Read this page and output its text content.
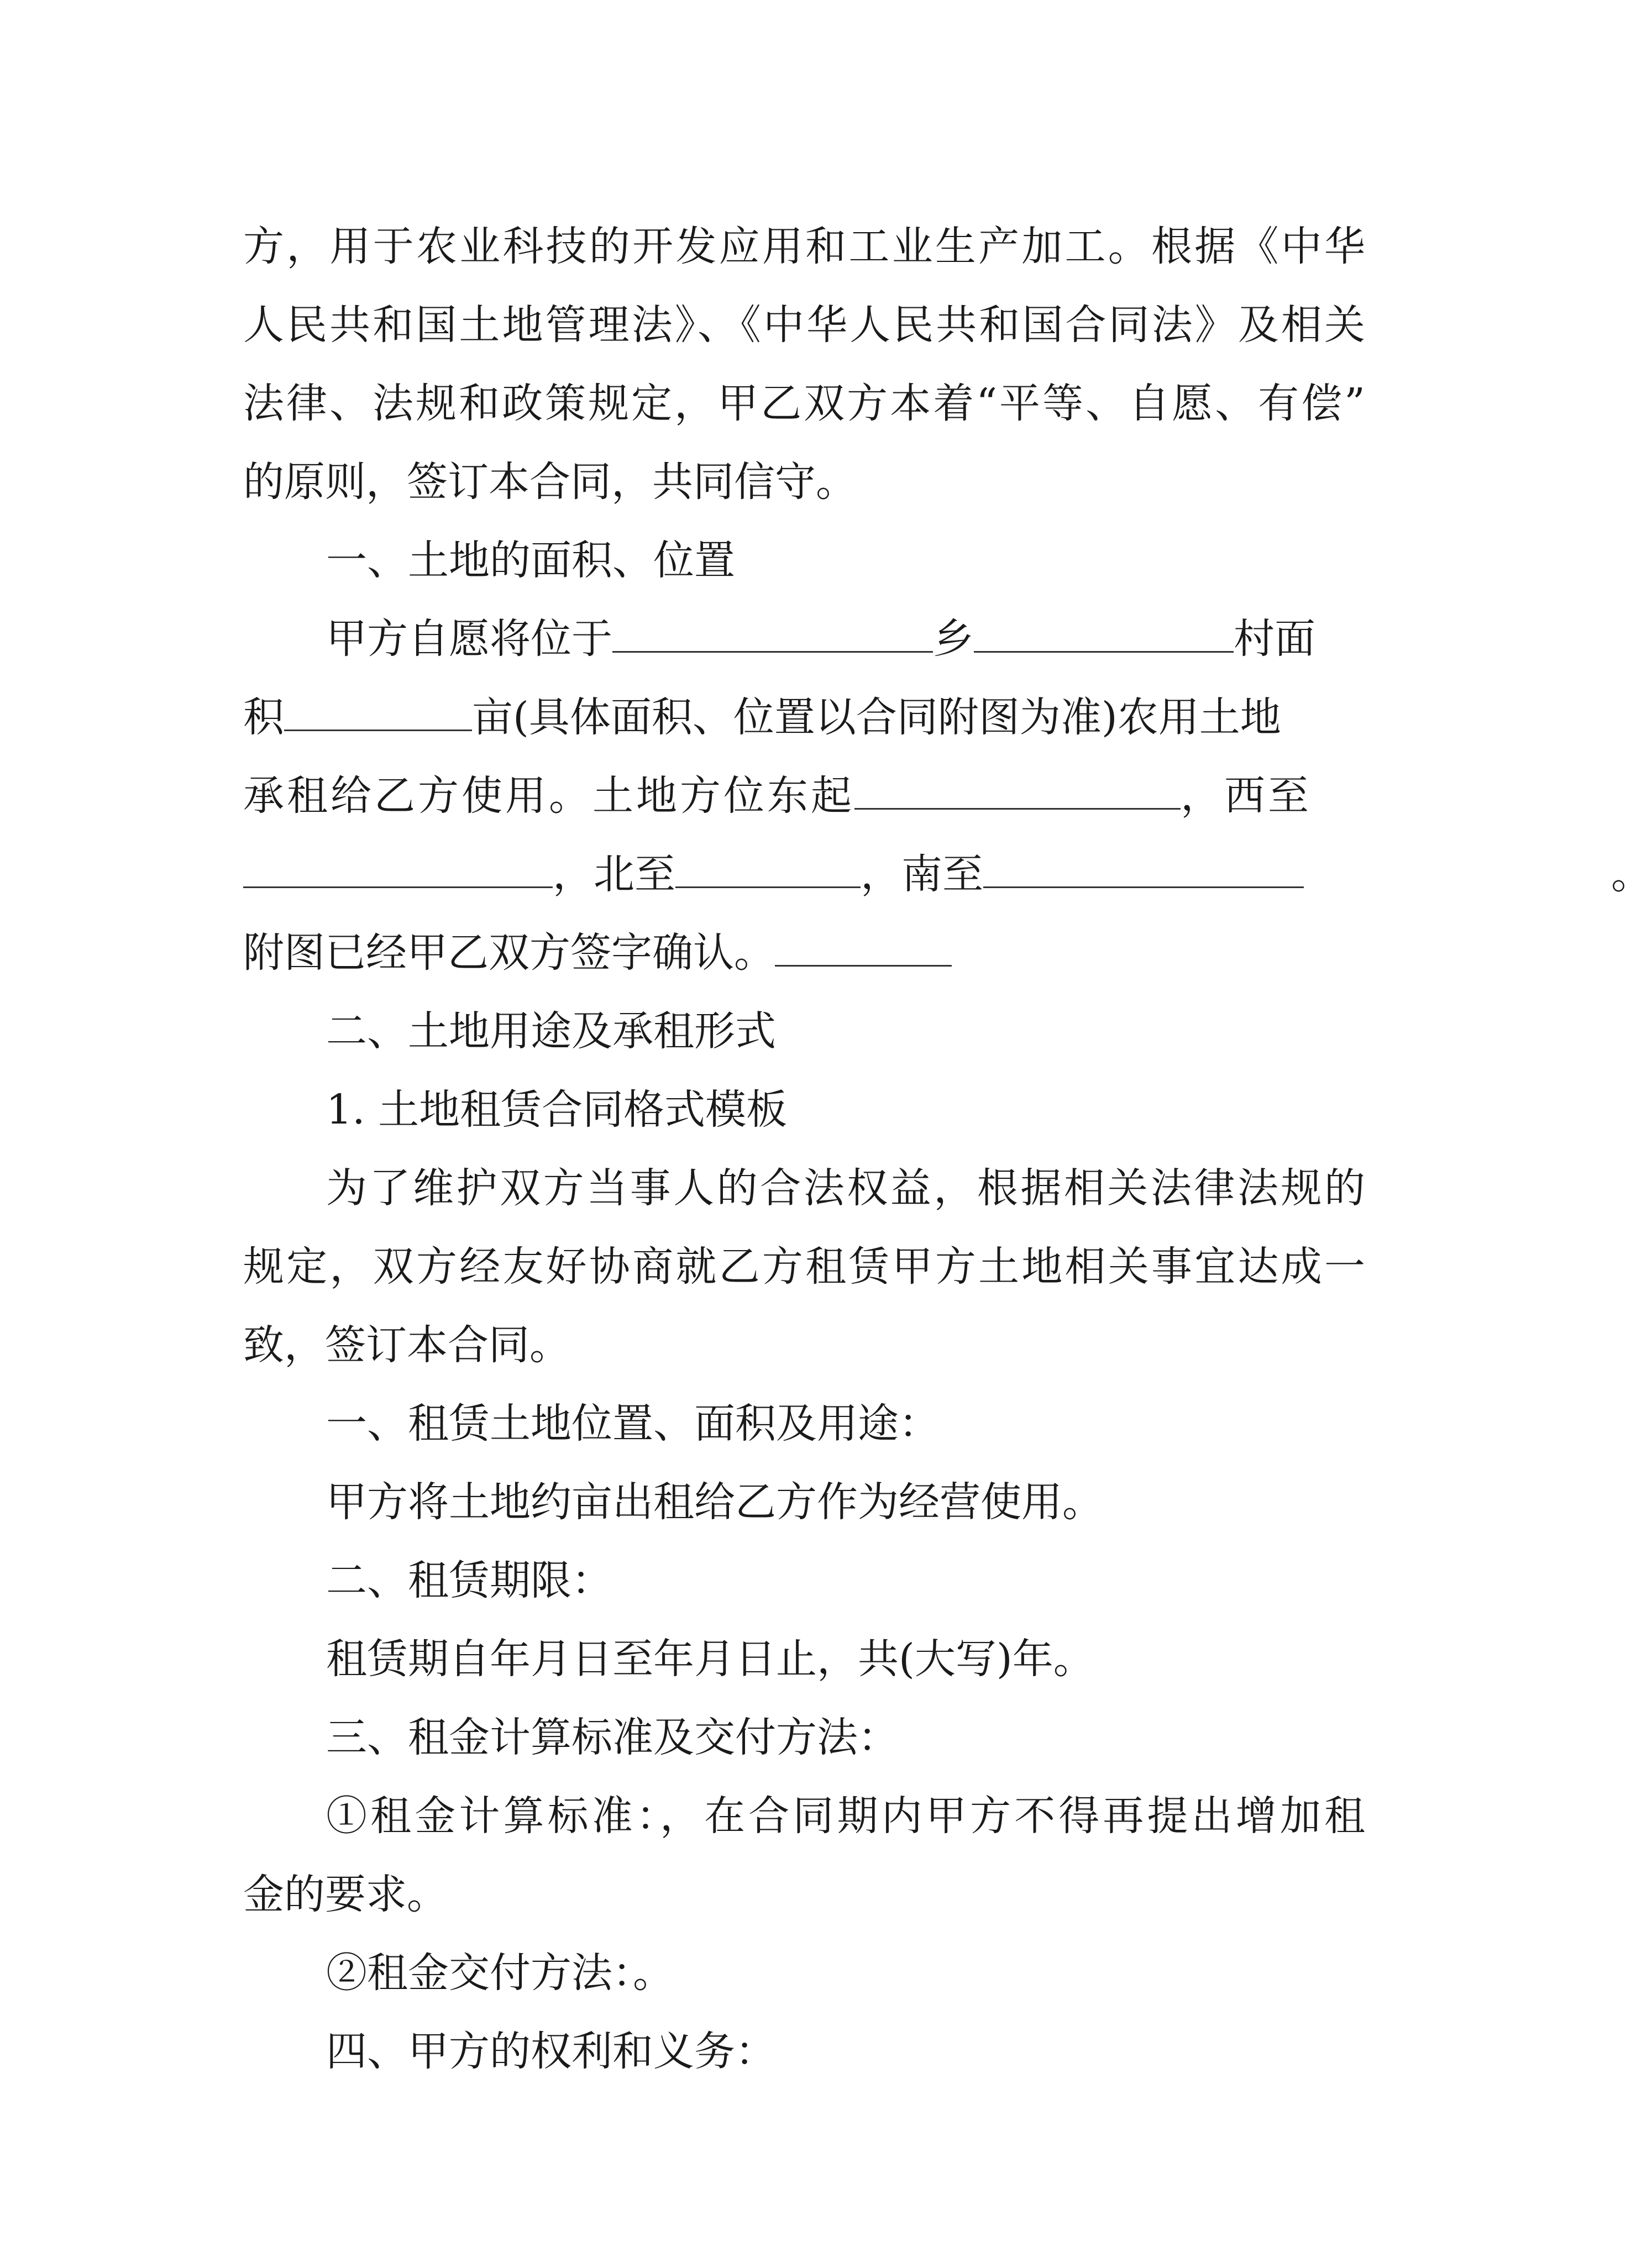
方，用于农业科技的开发应用和工业生产加工。根据《中华
人民共和国土地管理法》、《中华人民共和国合同法》及相关
法律、法规和政策规定，甲乙双方本着“平等、自愿、有偿”
的原则，签订本合同，共同信守。
一、土地的面积、位置
甲方自愿将位于	乡	村面
积	亩(具体面积、位置以合同附图为准)农用土地
承租给乙方使用。土地方位东起	，西至
，北至	，南至	。
附图已经甲乙双方签字确认。
二、土地用途及承租形式
1. 土地租赁合同格式模板
为了维护双方当事人的合法权益，根据相关法律法规的
规定，双方经友好协商就乙方租赁甲方土地相关事宜达成一
致，签订本合同。
一、租赁土地位置、面积及用途：
甲方将土地约亩出租给乙方作为经营使用。
二、租赁期限：
租赁期自年月日至年月日止，共(大写)年。
三、租金计算标准及交付方法：
①租金计算标准：，在合同期内甲方不得再提出增加租
金的要求。
②租金交付方法：。
四、甲方的权利和义务：
